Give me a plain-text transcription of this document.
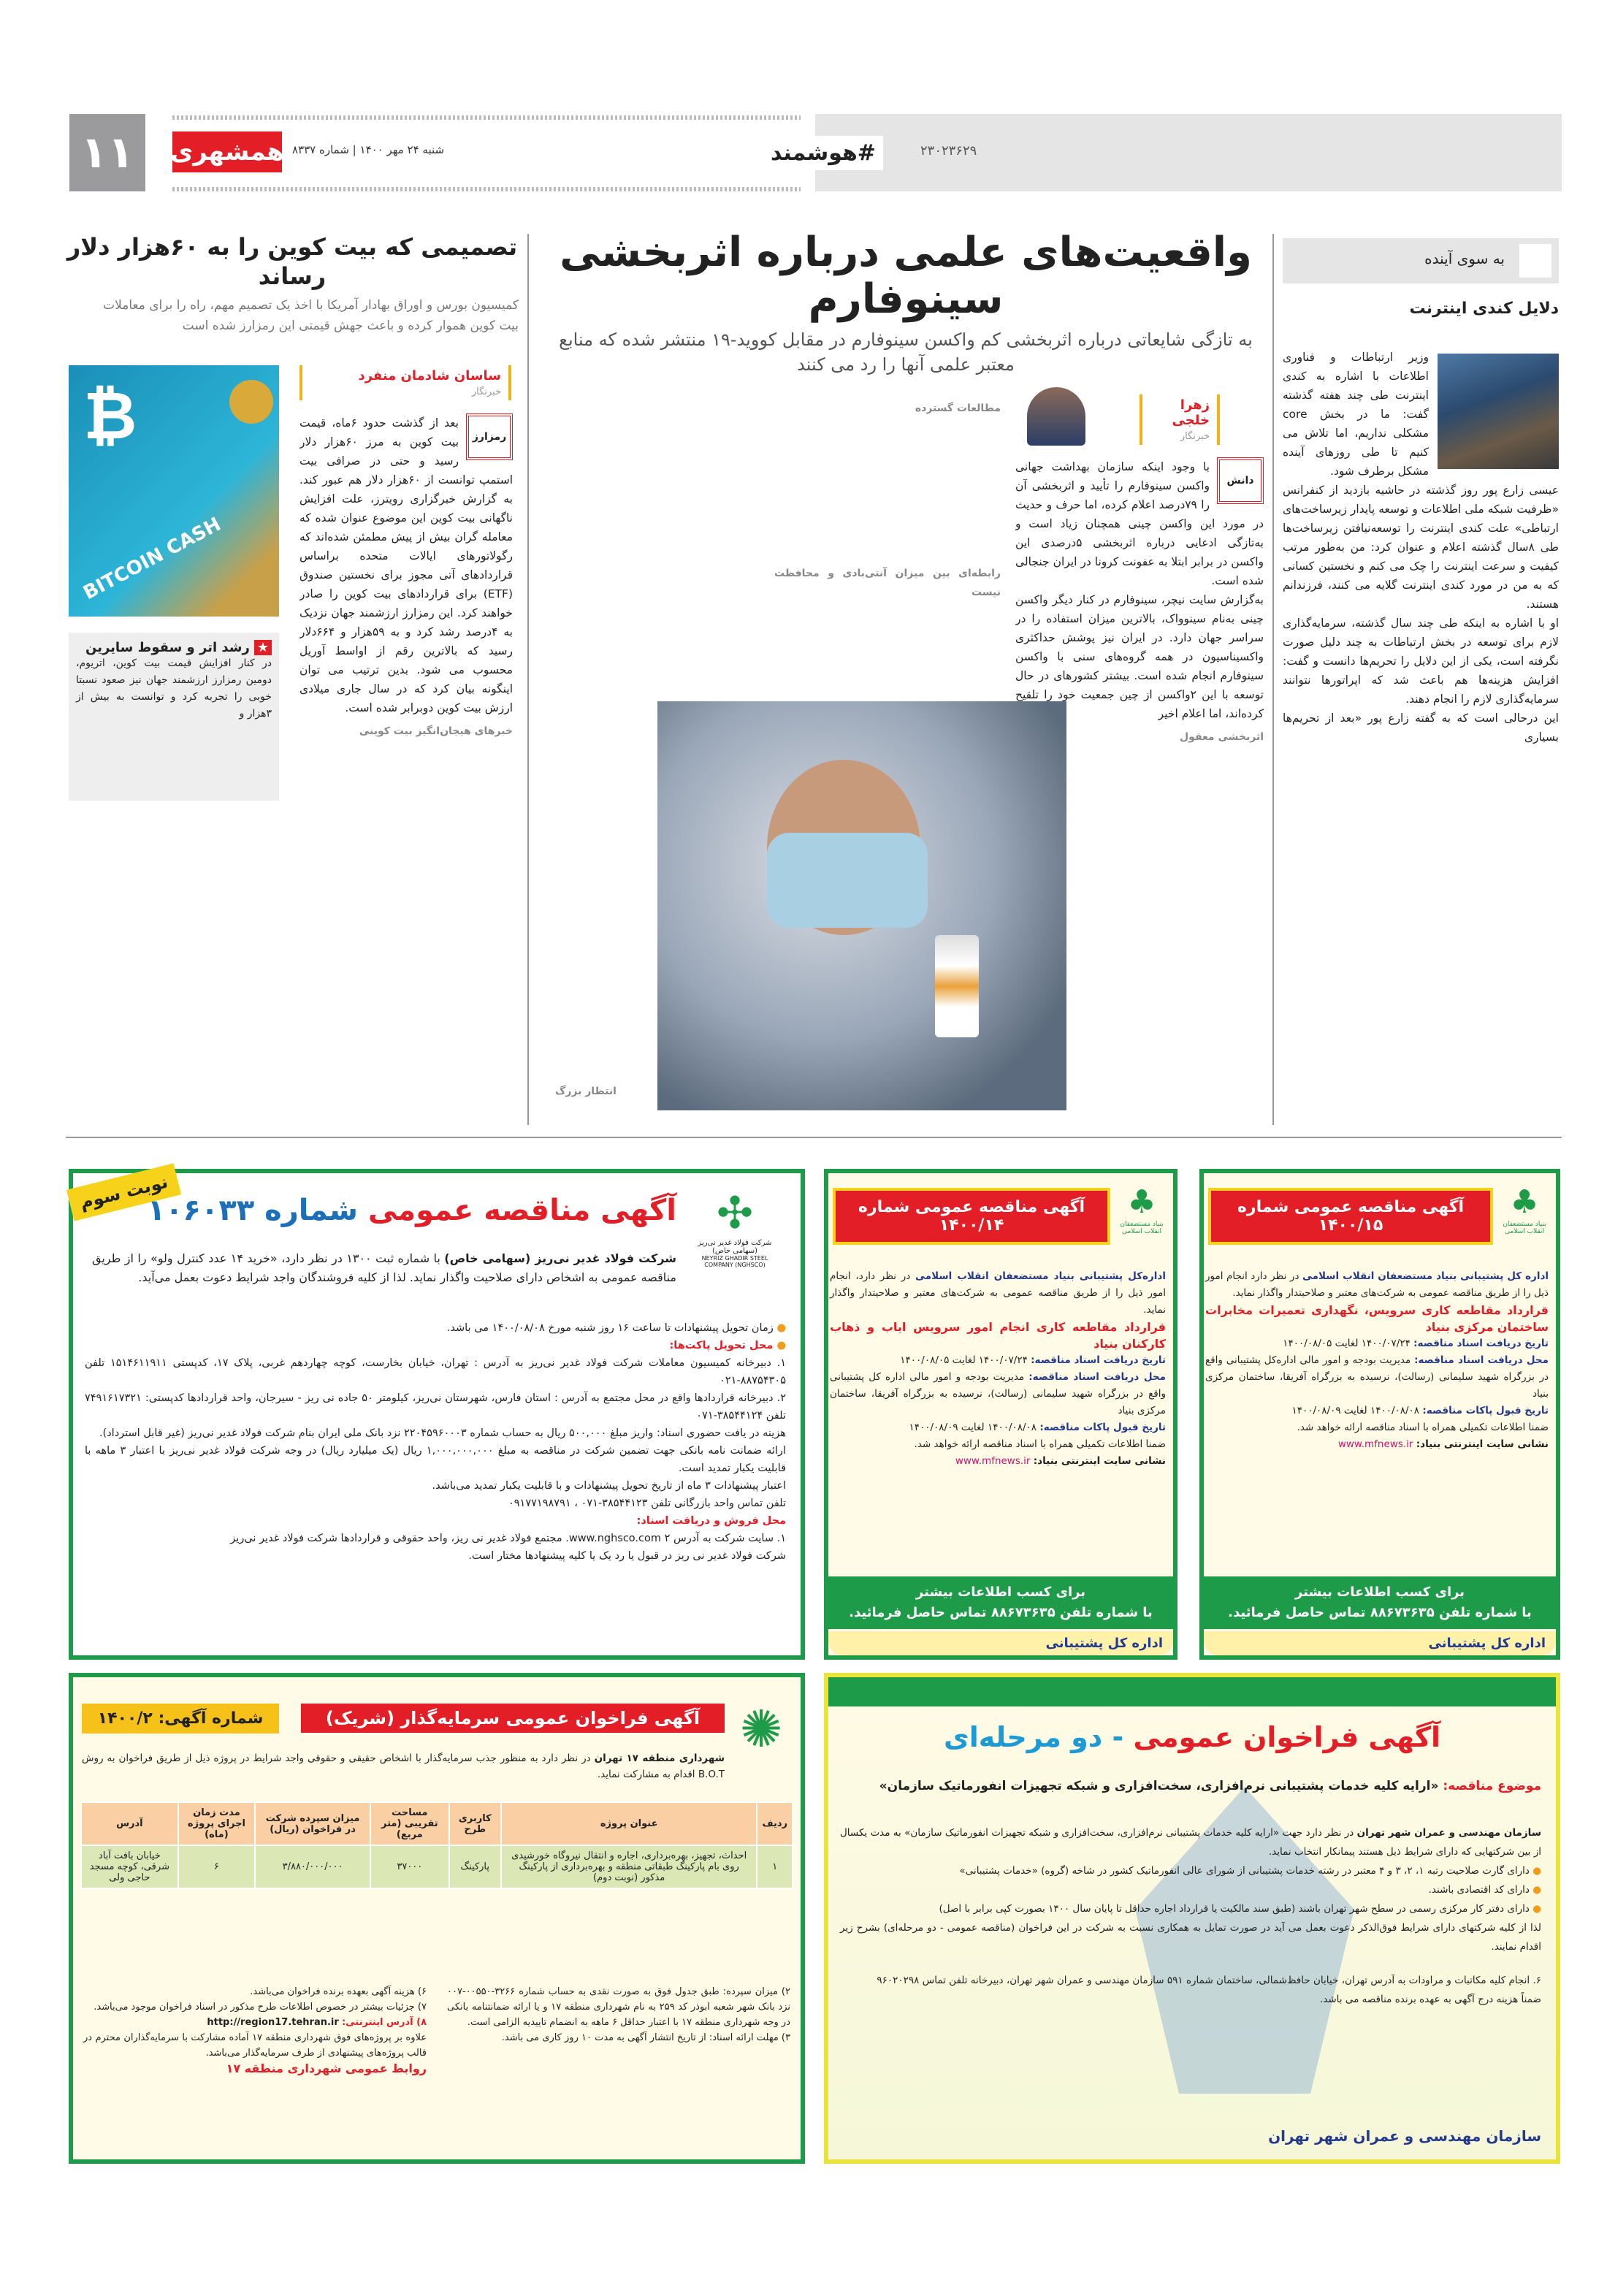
۱۱	همشهری شنبه ۲۴ مهر ۱۴۰۰ | شماره ۸۳۳۷	#هوشمند	۲۳۰۲۳۶۲۹
به سوی آینده
دلایل کندی اینترنت

وزیر ارتباطات و فناوری اطلاعات با اشاره به کندی اینترنت طی چند هفته گذشته گفت: ما در بخش core مشکلی نداریم، اما تلاش می کنیم تا طی روزهای آینده مشکل برطرف شود.

عیسی زارع پور روز گذشته در حاشیه بازدید از کنفرانس «ظرفیت شبکه ملی اطلاعات و توسعه پایدار زیرساخت‌های ارتباطی» علت کندی اینترنت را توسعه‌نیافتن زیرساخت‌ها طی ۸سال گذشته اعلام و عنوان کرد: من به‌طور مرتب کیفیت و سرعت اینترنت را چک می کنم و نخستین کسانی که به من در مورد کندی اینترنت گلایه می کنند، فرزندانم هستند.

او با اشاره به اینکه طی چند سال گذشته، سرمایه‌گذاری لازم برای توسعه در بخش ارتباطات به چند دلیل صورت نگرفته است، یکی از این دلایل را تحریم‌ها دانست و گفت: افزایش هزینه‌ها هم باعث شد که اپراتورها نتوانند سرمایه‌گذاری لازم را انجام دهند.

این درحالی است که به گفته زارع پور «بعد از تحریم‌ها بسیاری

واقعیت‌های علمی درباره اثربخشی سینوفارم
به تازگی شایعاتی درباره اثربخشی کم واکسن سینوفارم در مقابل کووید-۱۹ منتشر شده که منابع معتبر علمی آنها را رد می کنند
زهرا خلجی
خبرنگار
دانش

با وجود اینکه سازمان بهداشت جهانی واکسن سینوفارم را تأیید و اثربخشی آن را ۷۹درصد اعلام کرده، اما حرف و حدیث در مورد این واکسن چینی همچنان زیاد است و به‌تازگی ادعایی درباره اثربخشی ۵درصدی این واکسن در برابر ابتلا به عفونت کرونا در ایران جنجالی شده است.

به‌گزارش سایت نیچر، سینوفارم در کنار دیگر واکسن چینی به‌نام سینوواک، بالاترین میزان استفاده را در سراسر جهان دارد. در ایران نیز پوشش حداکثری واکسیناسیون در همه گروه‌های سنی با واکسن سینوفارم انجام شده است. بیشتر کشورهای در حال توسعه با این ۲واکسن از چین جمعیت خود را تلقیح کرده‌اند، اما اعلام اخیر

اثربخشی معقول
مطالعات گسترده
رابطه‌ای بین میزان آنتی‌بادی و محافظت نیست
انتظار بزرگ
تصمیمی که بیت کوین را به ۶۰هزار دلار رساند
کمیسیون بورس و اوراق بهادار آمریکا با اخذ یک تصمیم مهم، راه را برای معاملات بیت کوین هموار کرده و باعث جهش قیمتی این رمزارز شده است
ساسان شادمان منفرد
خبرنگار
رمزارز

بعد از گذشت حدود ۶ماه، قیمت بیت کوین به مرز ۶۰هزار دلار رسید و حتی در صرافی بیت استمپ توانست از ۶۰هزار دلار هم عبور کند. به گزارش خبرگزاری رویترز، علت افزایش ناگهانی بیت کوین این موضوع عنوان شده که معامله گران بیش از پیش مطمئن شده‌اند که رگولاتورهای ایالات متحده براساس قراردادهای آتی مجوز برای نخستین صندوق (ETF) برای قراردادهای بیت کوین را صادر خواهند کرد. این رمزارز ارزشمند جهان نزدیک به ۴درصد رشد کرد و به ۵۹هزار و ۶۶۴دلار رسید که بالاترین رقم از اواسط آوریل محسوب می شود. بدین ترتیب می توان اینگونه بیان کرد که در سال جاری میلادی ارزش بیت کوین دوبرابر شده است.

خبرهای هیجان‌انگیز بیت کوینی
₿
BITCOIN CASH
★رشد اتر و سقوط سایرین

در کنار افزایش قیمت بیت کوین، اتریوم، دومین رمزارز ارزشمند جهان نیز صعود نسبتا خوبی را تجربه کرد و توانست به بیش از ۳هزار و

نوبت سوم	✣
شرکت فولاد غدیر نی‌ریز (سهامی خاص)
NEYRIZ GHADIR STEEL COMPANY (NGHSCO)
آگهی مناقصه عمومی شماره ۱۰۶۰۳۳
شرکت فولاد غدیر نی‌ریز (سهامی خاص) با شماره ثبت ۱۳۰۰ در نظر دارد، «خرید ۱۴ عدد کنترل ولو» را از طریق مناقصه عمومی به اشخاص دارای صلاحیت واگذار نماید. لذا از کلیه فروشندگان واجد شرایط دعوت بعمل می‌آید.

● زمان تحویل پیشنهادات تا ساعت ۱۶ روز شنبه مورخ ۱۴۰۰/۰۸/۰۸ می باشد.

● محل تحویل پاکت‌ها:

۱. دبیرخانه کمیسیون معاملات شرکت فولاد غدیر نی‌ریز به آدرس : تهران، خیابان بخارست، کوچه چهاردهم غربی، پلاک ۱۷، کدپستی ۱۵۱۴۶۱۱۹۱۱ تلفن ۸۸۷۵۴۳۰۵-۰۲۱

۲. دبیرخانه قراردادها واقع در محل مجتمع به آدرس : استان فارس، شهرستان نی‌ریز، کیلومتر ۵۰ جاده نی ریز - سیرجان، واحد قراردادها کدپستی: ۷۴۹۱۶۱۷۳۲۱ تلفن ۳۸۵۴۴۱۲۴-۰۷۱

هزینه در یافت حضوری اسناد: واریز مبلغ ۵۰۰,۰۰۰ ریال به حساب شماره ۲۲۰۴۵۹۶۰۰۰۳ نزد بانک ملی ایران بنام شرکت فولاد غدیر نی‌ریز (غیر قابل استرداد).

ارائه ضمانت نامه بانکی جهت تضمین شرکت در مناقصه به مبلغ ۱,۰۰۰,۰۰۰,۰۰۰ ریال (یک میلیارد ریال) در وجه شرکت فولاد غدیر نی‌ریز با اعتبار ۳ ماهه با قابلیت یکبار تمدید است.

اعتبار پیشنهادات ۳ ماه از تاریخ تحویل پیشنهادات و با قابلیت یکبار تمدید می‌باشد.

تلفن تماس واحد بازرگانی تلفن ۳۸۵۴۴۱۲۳-۰۷۱ ، ۰۹۱۷۷۱۹۸۷۹۱

محل فروش و دریافت اسناد:

۱. سایت شرکت به آدرس www.nghsco.com ۲. مجتمع فولاد غدیر نی ریز، واحد حقوقی و قراردادها شرکت فولاد غدیر نی‌ریز

شرکت فولاد غدیر نی ریز در قبول یا رد یک یا کلیه پیشنهادها مختار است.

♣
بنیاد مستضعفان انقلاب اسلامی
آگهی مناقصه عمومی شماره ۱۴۰۰/۱۴

اداره‌کل پشتیبانی بنیاد مستضعفان انقلاب اسلامی در نظر دارد، انجام امور ذیل را از طریق مناقصه عمومی به شرکت‌های معتبر و صلاحیتدار واگذار نماید.

قرارداد مقاطعه کاری انجام امور سرویس ایاب و ذهاب کارکنان بنیاد

تاریخ دریافت اسناد مناقصه: ۱۴۰۰/۰۷/۲۴ لغایت ۱۴۰۰/۰۸/۰۵

محل دریافت اسناد مناقصه: مدیریت بودجه و امور مالی اداره کل پشتیبانی واقع در بزرگراه شهید سلیمانی (رسالت)، نرسیده به بزرگراه آفریقا، ساختمان مرکزی بنیاد

تاریخ قبول پاکات مناقصه: ۱۴۰۰/۰۸/۰۸ لغایت ۱۴۰۰/۰۸/۰۹

ضمنا اطلاعات تکمیلی همراه با اسناد مناقصه ارائه خواهد شد.

نشانی سایت اینترنتی بنیاد: www.mfnews.ir

برای کسب اطلاعات بیشتر
با شماره تلفن ۸۸۶۷۳۶۳۵ تماس حاصل فرمائید.
اداره کل پشتیبانی
♣
بنیاد مستضعفان انقلاب اسلامی
آگهی مناقصه عمومی شماره ۱۴۰۰/۱۵

اداره کل پشتیبانی بنیاد مستضعفان انقلاب اسلامی در نظر دارد انجام امور ذیل را از طریق مناقصه عمومی به شرکت‌های معتبر و صلاحیتدار واگذار نماید.

قرارداد مقاطعه کاری سرویس، نگهداری تعمیرات مخابرات ساختمان مرکزی بنیاد

تاریخ دریافت اسناد مناقصه: ۱۴۰۰/۰۷/۲۴ لغایت ۱۴۰۰/۰۸/۰۵

محل دریافت اسناد مناقصه: مدیریت بودجه و امور مالی اداره‌کل پشتیبانی واقع در بزرگراه شهید سلیمانی (رسالت)، نرسیده به بزرگراه آفریقا، ساختمان مرکزی بنیاد

تاریخ قبول پاکات مناقصه: ۱۴۰۰/۰۸/۰۸ لغایت ۱۴۰۰/۰۸/۰۹

ضمنا اطلاعات تکمیلی همراه با اسناد مناقصه ارائه خواهد شد.

نشانی سایت اینترنتی بنیاد: www.mfnews.ir

برای کسب اطلاعات بیشتر
با شماره تلفن ۸۸۶۷۳۶۳۵ تماس حاصل فرمائید.
اداره کل پشتیبانی
✺
آگهی فراخوان عمومی سرمایه‌گذار (شریک)
شماره آگهی: ۱۴۰۰/۲
شهرداری منطقه ۱۷ تهران در نظر دارد به منظور جذب سرمایه‌گذار با اشخاص حقیقی و حقوقی واجد شرایط در پروژه ذیل از طریق فراخوان به روش B.O.T اقدام به مشارکت نماید.
ردیف	عنوان پروژه	کاربری طرح	مساحت تقریبی (متر مربع)	میزان سپرده شرکت در فراخوان (ریال)	مدت زمان اجرای پروژه (ماه)	آدرس
۱	احداث، تجهیز، بهره‌برداری، اجاره و انتقال نیروگاه خورشیدی روی بام پارکینگ طبقاتی منطقه و بهره‌برداری از پارکینگ مذکور (نوبت دوم)	پارکینگ	۳۷۰۰۰	۳/۸۸۰/۰۰۰/۰۰۰	۶	خیابان بافت آباد شرقی، کوچه مسجد حاجی ولی

۲) میزان سپرده: طبق جدول فوق به صورت نقدی به حساب شماره ۳۲۶۶-۰۰۵۵۰-۰۰۷ نزد بانک شهر شعبه ابوذر کد ۲۵۹ به نام شهرداری منطقه ۱۷ و یا ارائه ضمانتنامه بانکی در وجه شهرداری منطقه ۱۷ با اعتبار حداقل ۶ ماهه به انضمام تاییدیه الزامی است.

۳) مهلت ارائه اسناد: از تاریخ انتشار آگهی به مدت ۱۰ روز کاری می باشد.

۶) هزینه آگهی بعهده برنده فراخوان می‌باشد.

۷) جزئیات بیشتر در خصوص اطلاعات طرح مذکور در اسناد فراخوان موجود می‌باشد.

۸) آدرس اینترنتی: http://region17.tehran.ir

علاوه بر پروژه‌های فوق شهرداری منطقه ۱۷ آماده مشارکت با سرمایه‌گذاران محترم در قالب پروژه‌های پیشنهادی از طرف سرمایه‌گذار می‌باشد.

روابط عمومی شهرداری منطقه ۱۷

آگهی فراخوان عمومی - دو مرحله‌ای
موضوع مناقصه: «ارایه کلیه خدمات پشتیبانی نرم‌افزاری، سخت‌افزاری و شبکه تجهیزات انفورماتیک سازمان»

سازمان مهندسی و عمران شهر تهران در نظر دارد جهت «ارایه کلیه خدمات پشتیبانی نرم‌افزاری، سخت‌افزاری و شبکه تجهیزات انفورماتیک سازمان» به مدت یکسال از بین شرکتهایی که دارای شرایط ذیل هستند پیمانکار انتخاب نماید.

● دارای گارت صلاحیت رتبه ۱، ۲، ۳ و ۴ معتبر در رشته خدمات پشتیبانی از شورای عالی انفورماتیک کشور در شاخه (گروه) «خدمات پشتیبانی»

● دارای کد اقتصادی باشند.

● دارای دفتر کار مرکزی رسمی در سطح شهر تهران باشند (طبق سند مالکیت یا قرارداد اجاره حداقل تا پایان سال ۱۴۰۰ بصورت کپی برابر با اصل)

لذا از کلیه شرکتهای دارای شرایط فوق‌الذکر دعوت بعمل می آید در صورت تمایل به همکاری نسبت به شرکت در این فراخوان (مناقصه عمومی - دو مرحله‌ای) بشرح زیر اقدام نمایند.

۶. انجام کلیه مکاتبات و مراودات به آدرس تهران، خیابان حافظ‌شمالی، ساختمان شماره ۵۹۱ سازمان مهندسی و عمران شهر تهران، دبیرخانه تلفن تماس ۹۶۰۲۰۲۹۸

ضمناً هزینه درج آگهی به عهده برنده مناقصه می باشد.

سازمان مهندسی و عمران شهر تهران
